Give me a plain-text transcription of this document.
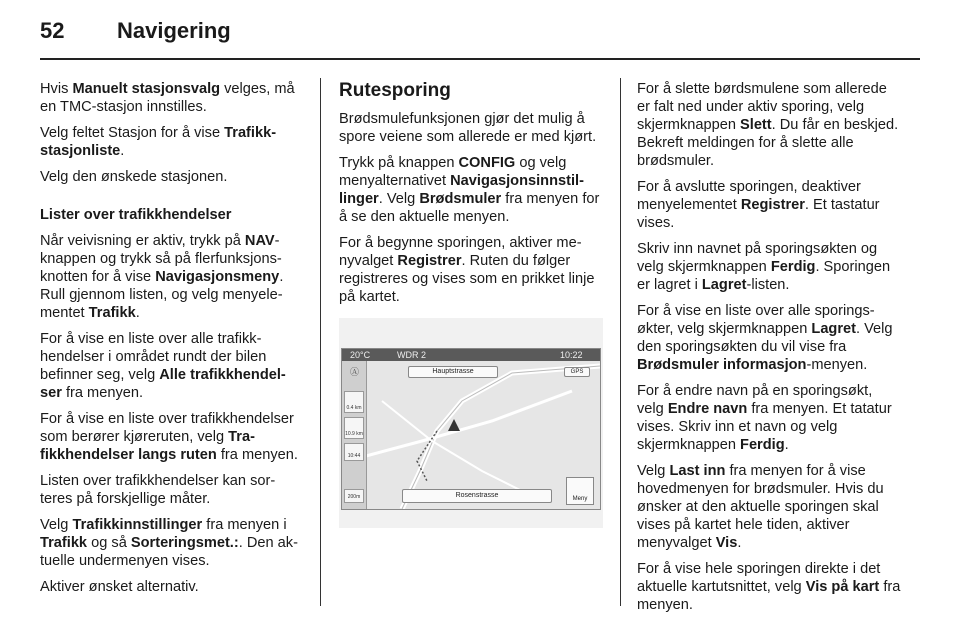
52 Navigering

Hvis Manuelt stasjonsvalg velges, må en TMC-stasjon innstilles.

Velg feltet Stasjon for å vise Trafikkstasjonliste.

Velg den ønskede stasjonen.

Lister over trafikkhendelser

Når veivisning er aktiv, trykk på NAV-knappen og trykk så på flerfunksjonsknotten for å vise Navigasjonsmeny. Rull gjennom listen, og velg menyelementet Trafikk.

For å vise en liste over alle trafikkhendelser i området rundt der bilen befinner seg, velg Alle trafikkhendelser fra menyen.

For å vise en liste over trafikkhendelser som berører kjøreruten, velg Trafikkhendelser langs ruten fra menyen.

Listen over trafikkhendelser kan sorteres på forskjellige måter.

Velg Trafikkinnstillinger fra menyen i Trafikk og så Sorteringsmet.:. Den aktuelle undermenyen vises.

Aktiver ønsket alternativ.

Rutesporing

Brødsmulefunksjonen gjør det mulig å spore veiene som allerede er med kjørt.

Trykk på knappen CONFIG og velg menyalternativet Navigasjonsinnstillinger. Velg Brødsmuler fra menyen for å se den aktuelle menyen.

For å begynne sporingen, aktiver menyvalget Registrer. Ruten du følger registreres og vises som en prikket linje på kartet.

20°C	WDR 2	10:22
0.4 km
10.9 km
10:44
200m
Ⓐ	Hauptstrasse	GPS
Rosenstrasse	Meny

For å slette børdsmulene som allerede er falt ned under aktiv sporing, velg skjermknappen Slett. Du får en beskjed. Bekreft meldingen for å slette alle brødsmuler.

For å avslutte sporingen, deaktiver menyelementet Registrer. Et tastatur vises.

Skriv inn navnet på sporingsøkten og velg skjermknappen Ferdig. Sporingen er lagret i Lagret-listen.

For å vise en liste over alle sporingsøkter, velg skjermknappen Lagret. Velg den sporingsøkten du vil vise fra Brødsmuler informasjon-menyen.

For å endre navn på en sporingsøkt, velg Endre navn fra menyen. Et tatatur vises. Skriv inn et navn og velg skjermknappen Ferdig.

Velg Last inn fra menyen for å vise hovedmenyen for brødsmuler. Hvis du ønsker at den aktuelle sporingen skal vises på kartet hele tiden, aktiver menyvalget Vis.

For å vise hele sporingen direkte i det aktuelle kartutsnittet, velg Vis på kart fra menyen.
